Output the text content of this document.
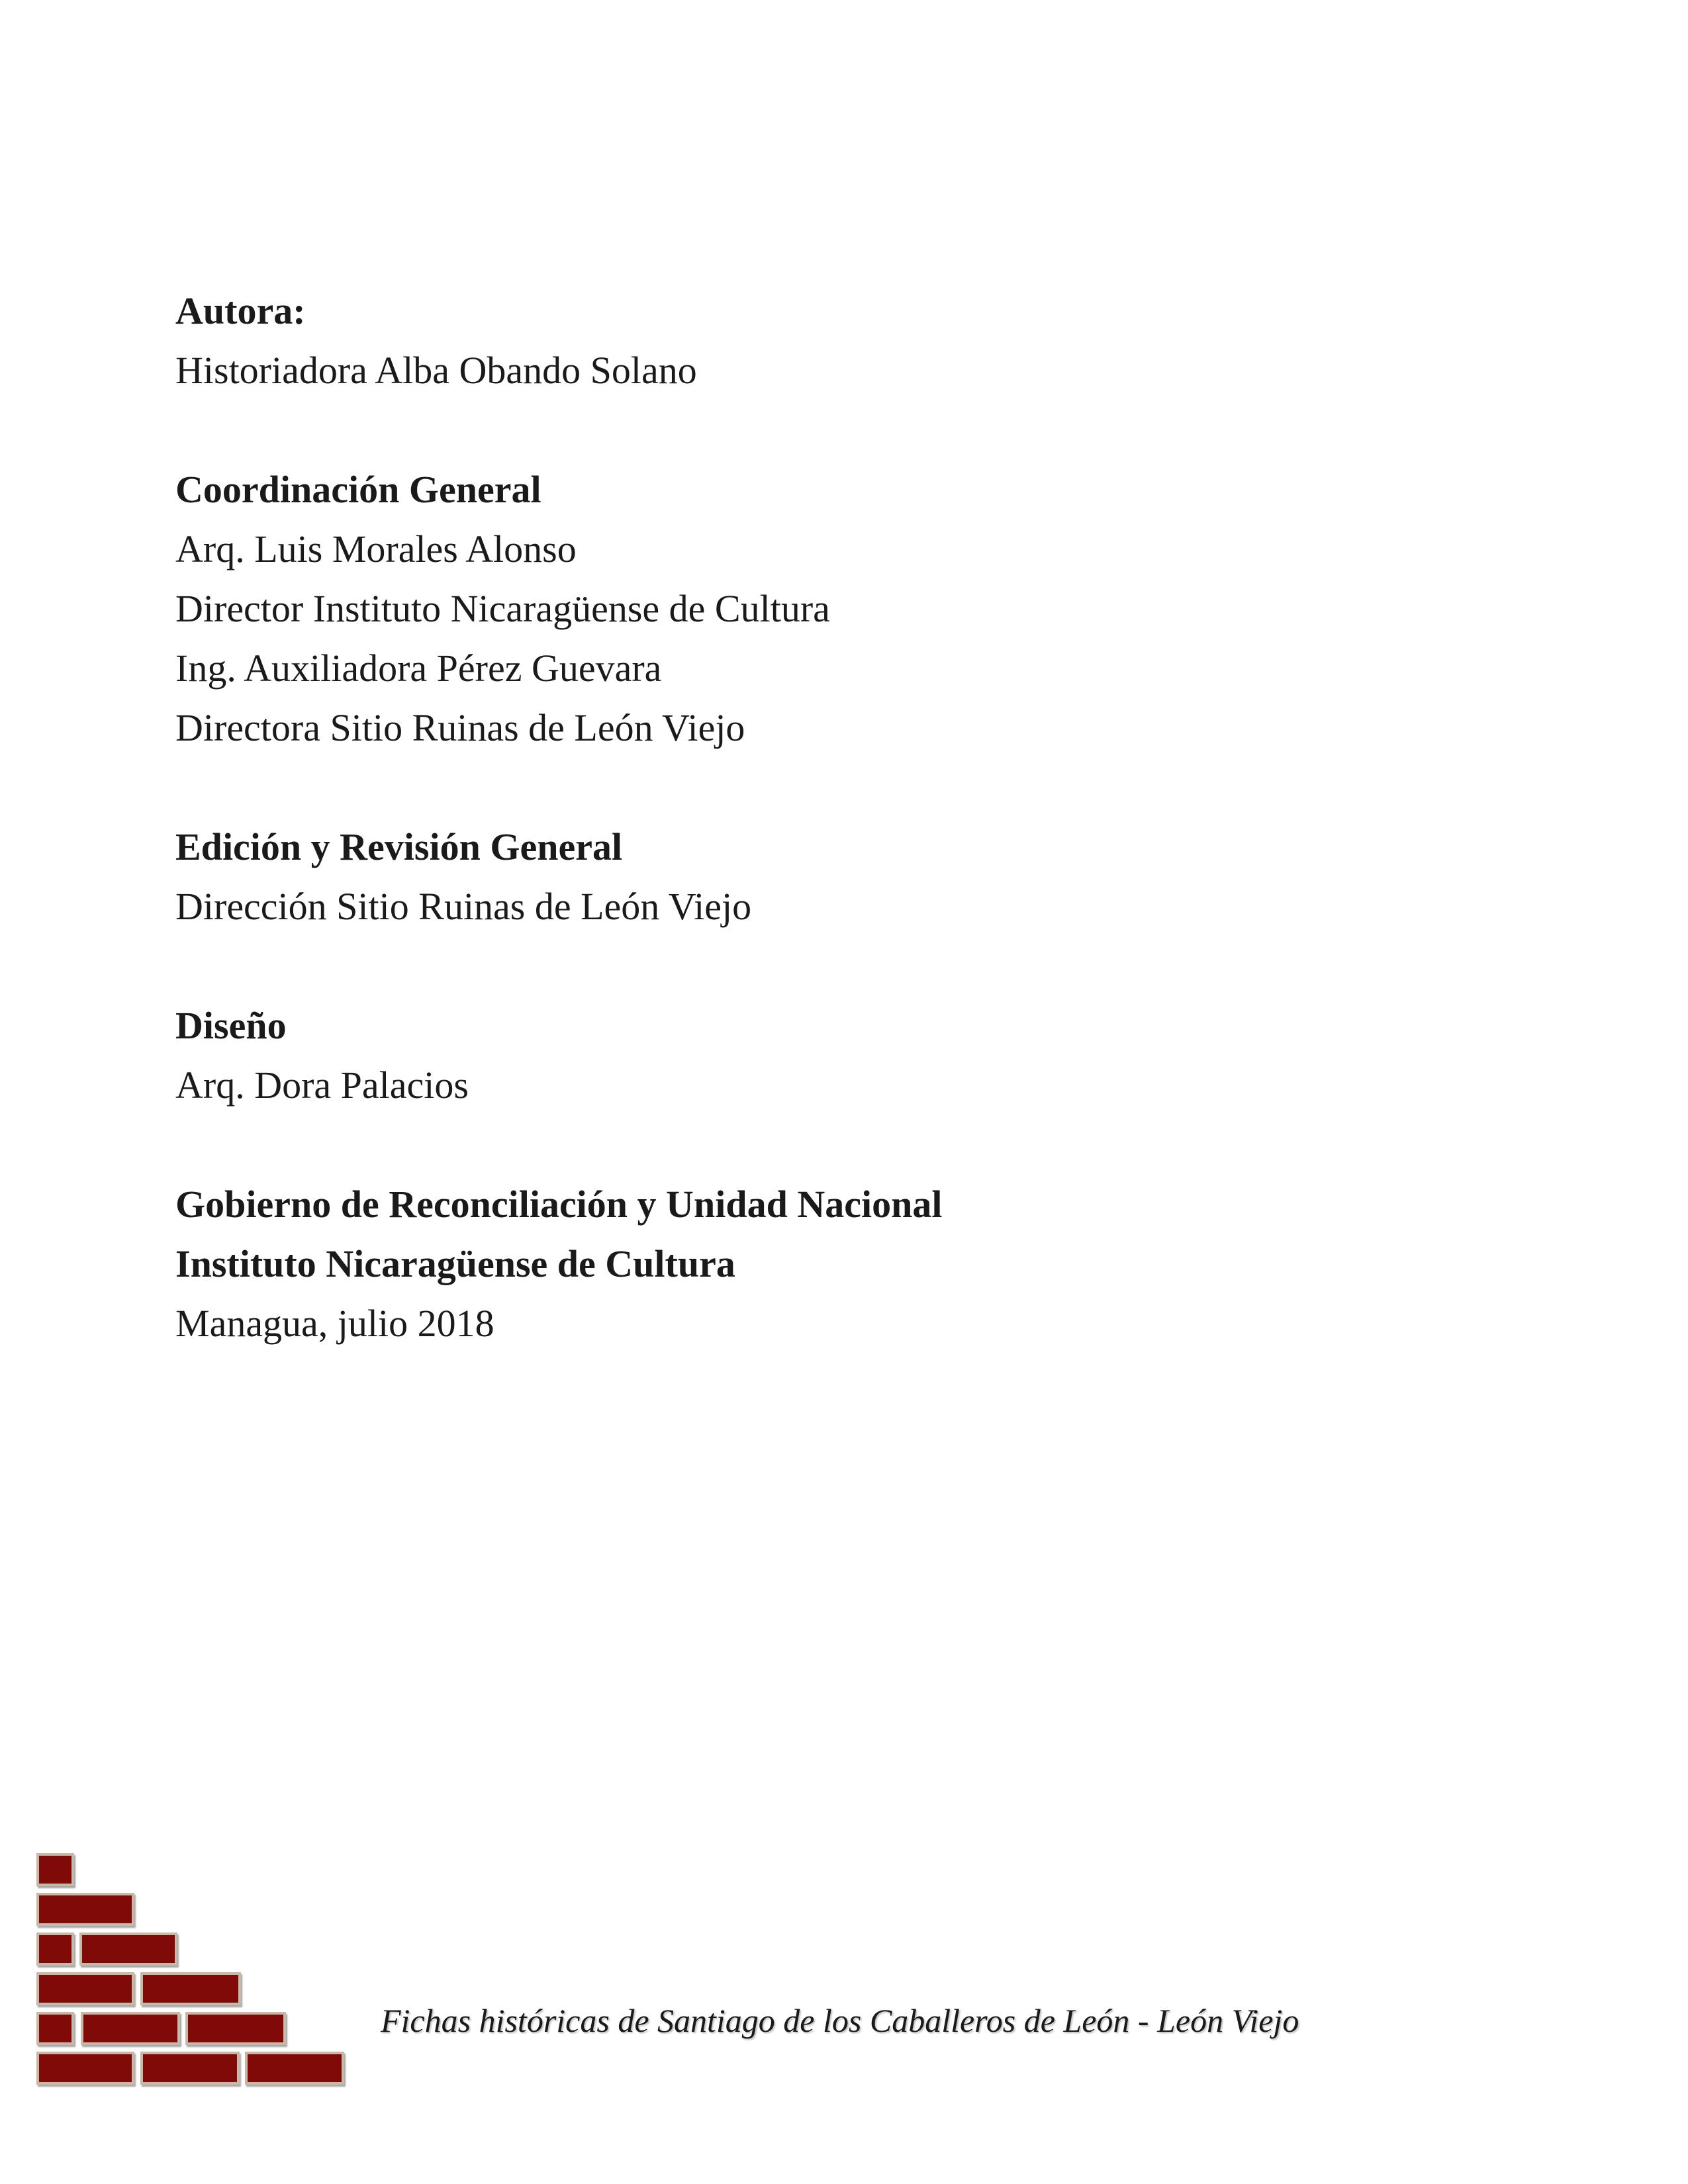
Autora:
Historiadora Alba Obando Solano
Coordinación General
Arq. Luis Morales Alonso
Director Instituto Nicaragüense de Cultura
Ing. Auxiliadora Pérez Guevara
Directora Sitio Ruinas de León Viejo
Edición y Revisión General
Dirección Sitio Ruinas de León Viejo
Diseño
Arq. Dora Palacios
Gobierno de Reconciliación y Unidad Nacional
Instituto Nicaragüense de Cultura
Managua, julio 2018
Fichas históricas de Santiago de los Caballeros de León - León Viejo
